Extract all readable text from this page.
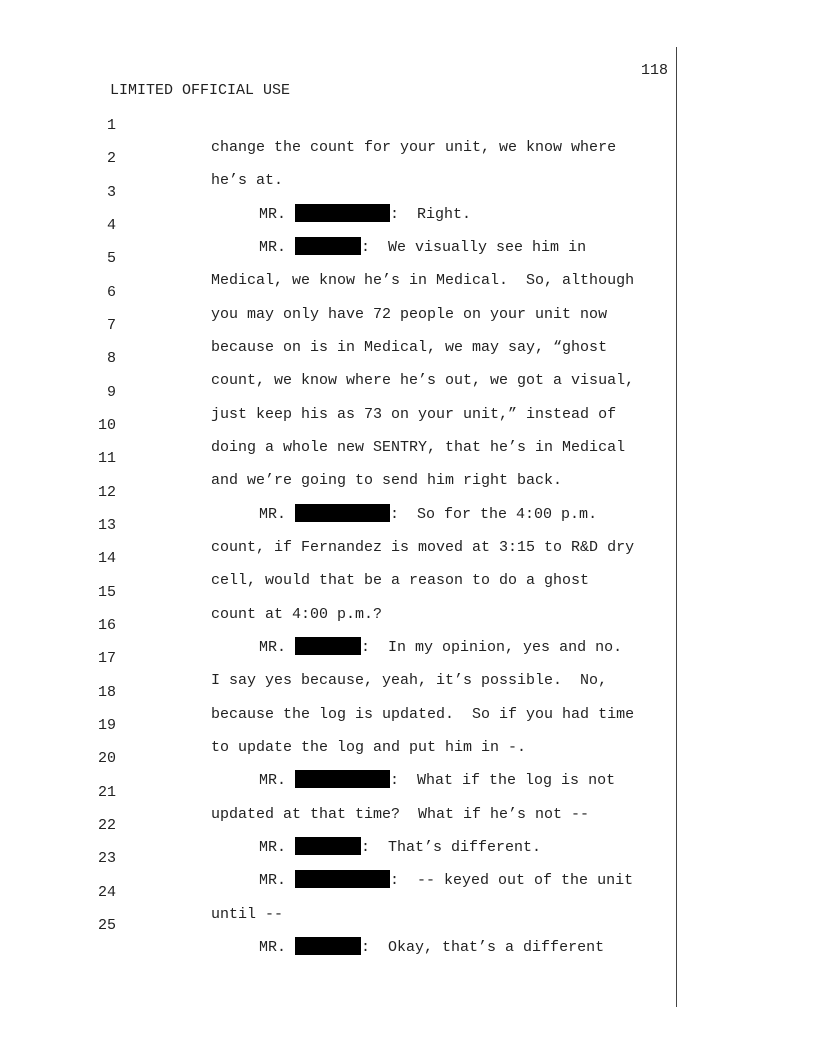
LIMITED OFFICIAL USE

118

1

change the count for your unit, we know where

2

he’s at.

3

MR.	:  Right.

4

MR.	:  We visually see him in

5

Medical, we know he’s in Medical.  So, although

6

you may only have 72 people on your unit now

7

because on is in Medical, we may say, “ghost

8

count, we know where he’s out, we got a visual,

9

just keep his as 73 on your unit,” instead of

10

doing a whole new SENTRY, that he’s in Medical

11

and we’re going to send him right back.

12

MR.	:  So for the 4:00 p.m.

13

count, if Fernandez is moved at 3:15 to R&D dry

14

cell, would that be a reason to do a ghost

15

count at 4:00 p.m.?

16

MR.	:  In my opinion, yes and no.

17

I say yes because, yeah, it’s possible.  No,

18

because the log is updated.  So if you had time

19

to update the log and put him in -.

20

MR.	:  What if the log is not

21

updated at that time?  What if he’s not --

22

MR.	:  That’s different.

23

MR.	:  -- keyed out of the unit

24

until --

25

MR.	:  Okay, that’s a different
